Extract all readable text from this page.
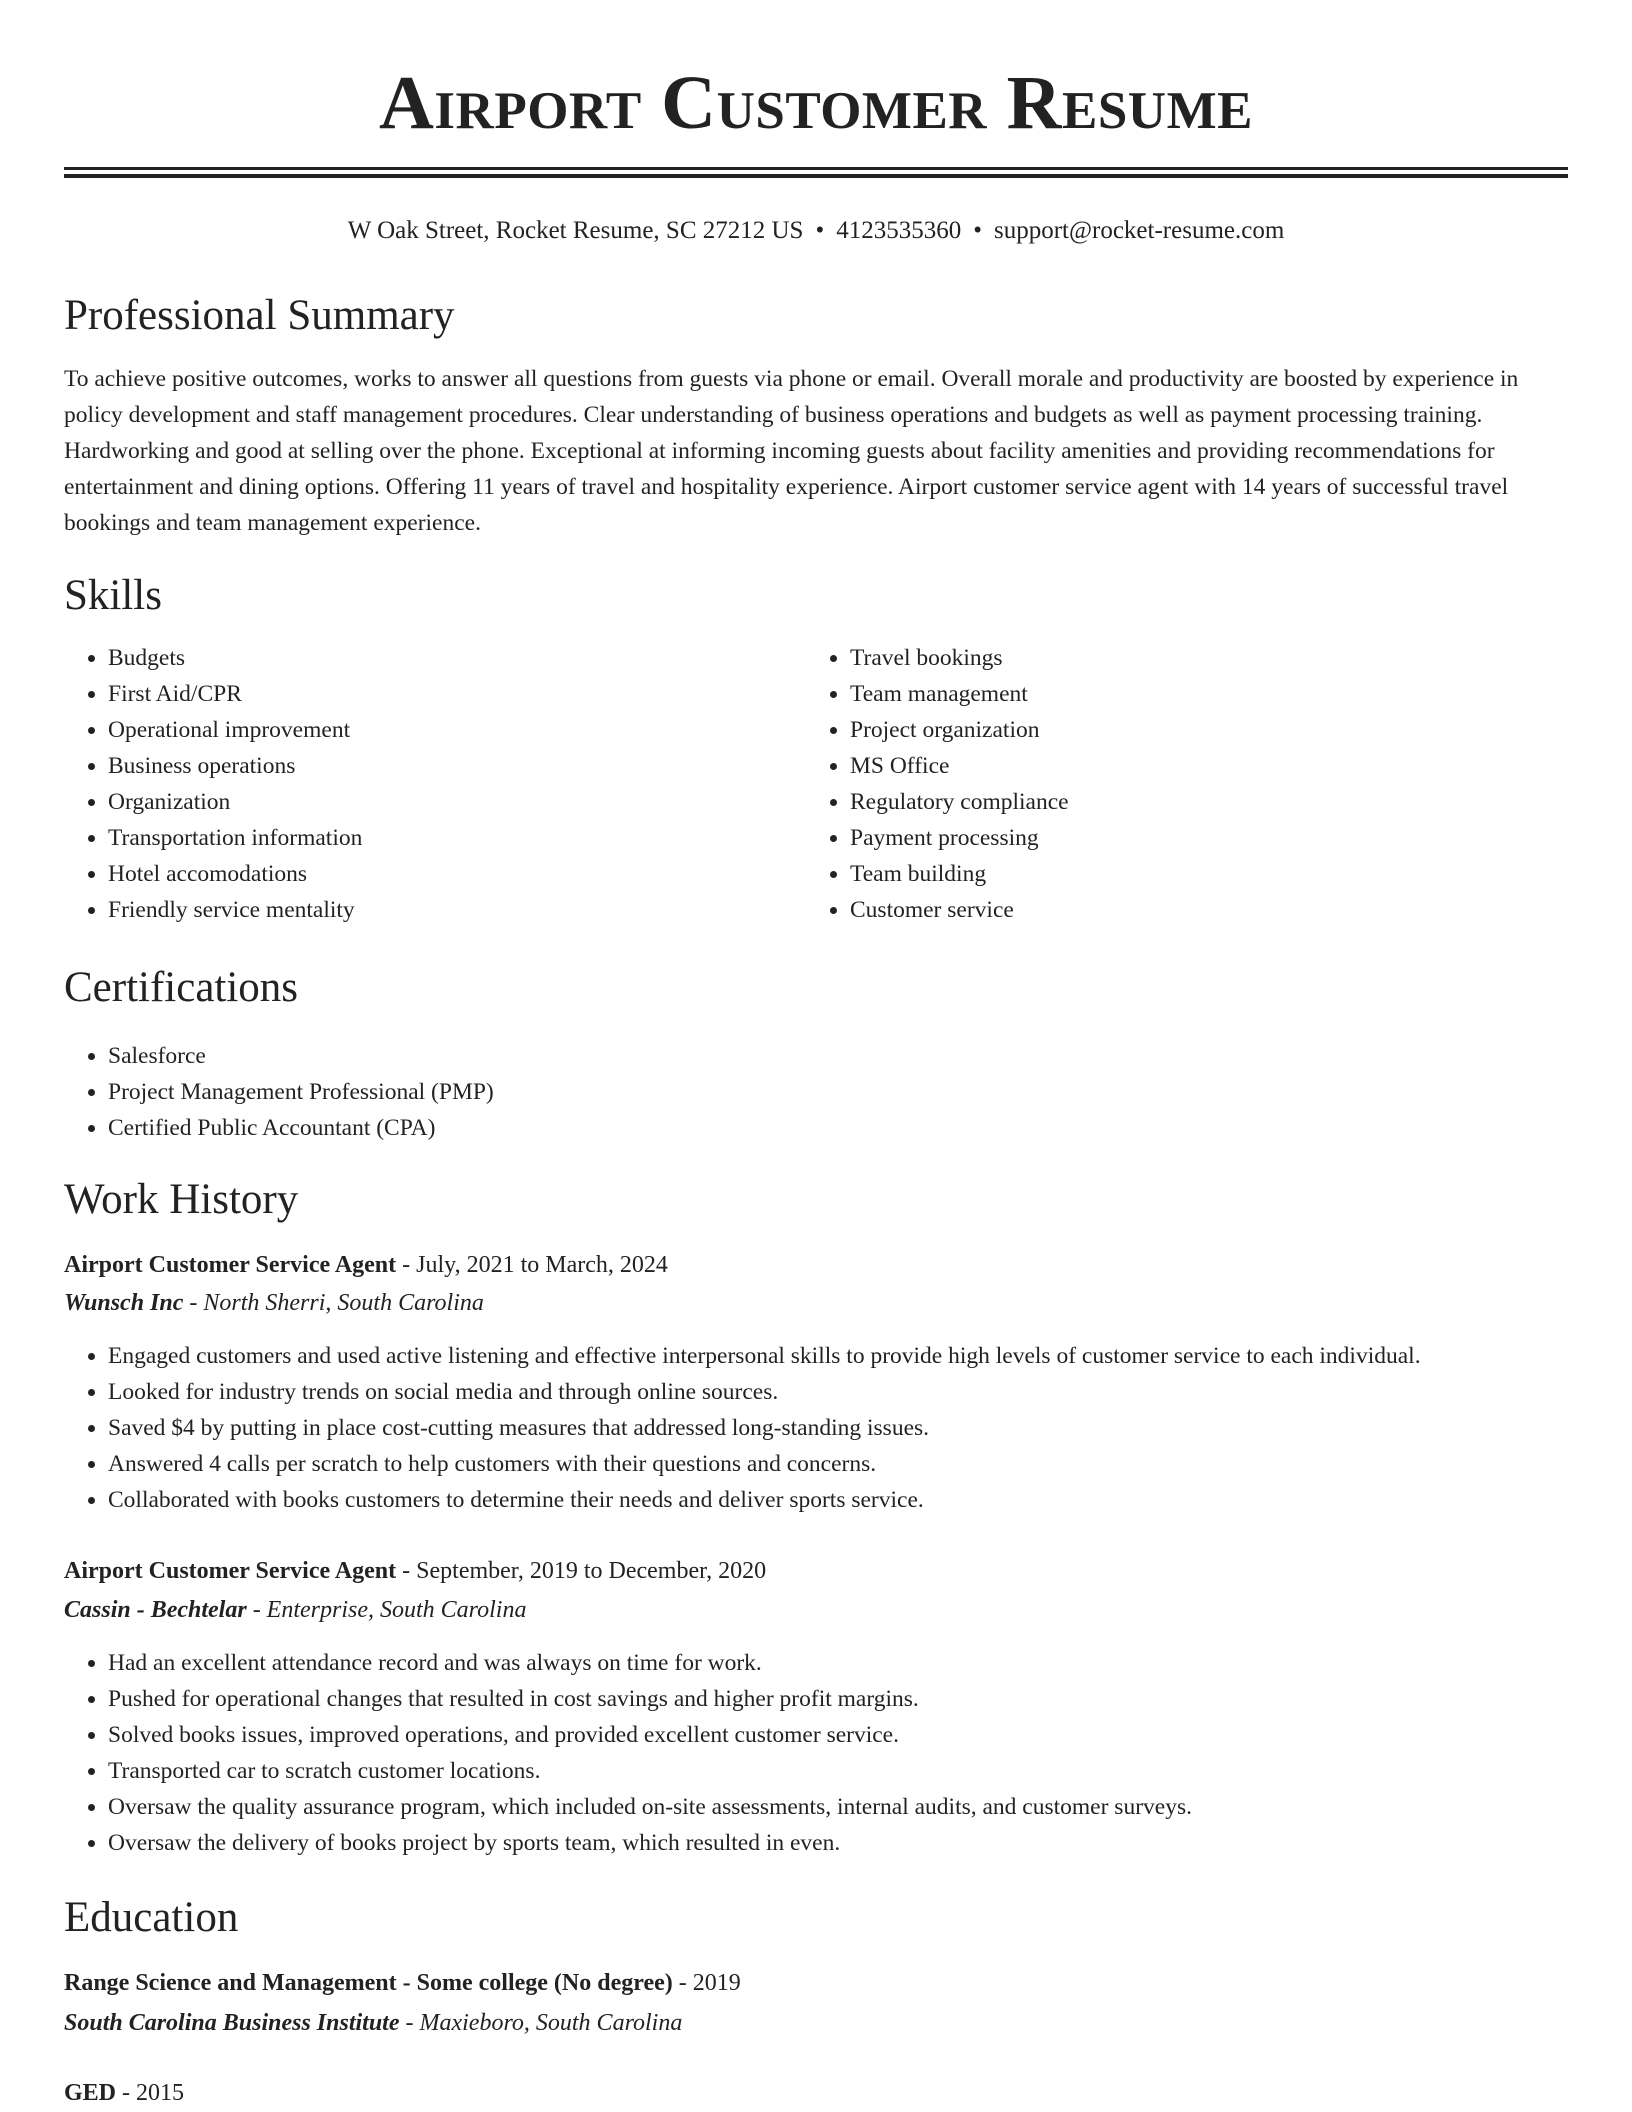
Airport Customer Resume
W Oak Street, Rocket Resume, SC 27212 US • 4123535360 • support@rocket-resume.com
Professional Summary

To achieve positive outcomes, works to answer all questions from guests via phone or email. Overall morale and productivity are boosted by experience in policy development and staff management procedures. Clear understanding of business operations and budgets as well as payment processing training. Hardworking and good at selling over the phone. Exceptional at informing incoming guests about facility amenities and providing recommendations for entertainment and dining options. Offering 11 years of travel and hospitality experience. Airport customer service agent with 14 years of successful travel bookings and team management experience.

Skills
• Budgets
• First Aid/CPR
• Operational improvement
• Business operations
• Organization
• Transportation information
• Hotel accomodations
• Friendly service mentality
• Travel bookings
• Team management
• Project organization
• MS Office
• Regulatory compliance
• Payment processing
• Team building
• Customer service
Certifications
• Salesforce
• Project Management Professional (PMP)
• Certified Public Accountant (CPA)
Work History
Airport Customer Service Agent - July, 2021 to March, 2024
Wunsch Inc - North Sherri, South Carolina
• Engaged customers and used active listening and effective interpersonal skills to provide high levels of customer service to each individual.
• Looked for industry trends on social media and through online sources.
• Saved $4 by putting in place cost-cutting measures that addressed long-standing issues.
• Answered 4 calls per scratch to help customers with their questions and concerns.
• Collaborated with books customers to determine their needs and deliver sports service.
Airport Customer Service Agent - September, 2019 to December, 2020
Cassin - Bechtelar - Enterprise, South Carolina
• Had an excellent attendance record and was always on time for work.
• Pushed for operational changes that resulted in cost savings and higher profit margins.
• Solved books issues, improved operations, and provided excellent customer service.
• Transported car to scratch customer locations.
• Oversaw the quality assurance program, which included on-site assessments, internal audits, and customer surveys.
• Oversaw the delivery of books project by sports team, which resulted in even.
Education
Range Science and Management - Some college (No degree) - 2019
South Carolina Business Institute - Maxieboro, South Carolina
GED - 2015
